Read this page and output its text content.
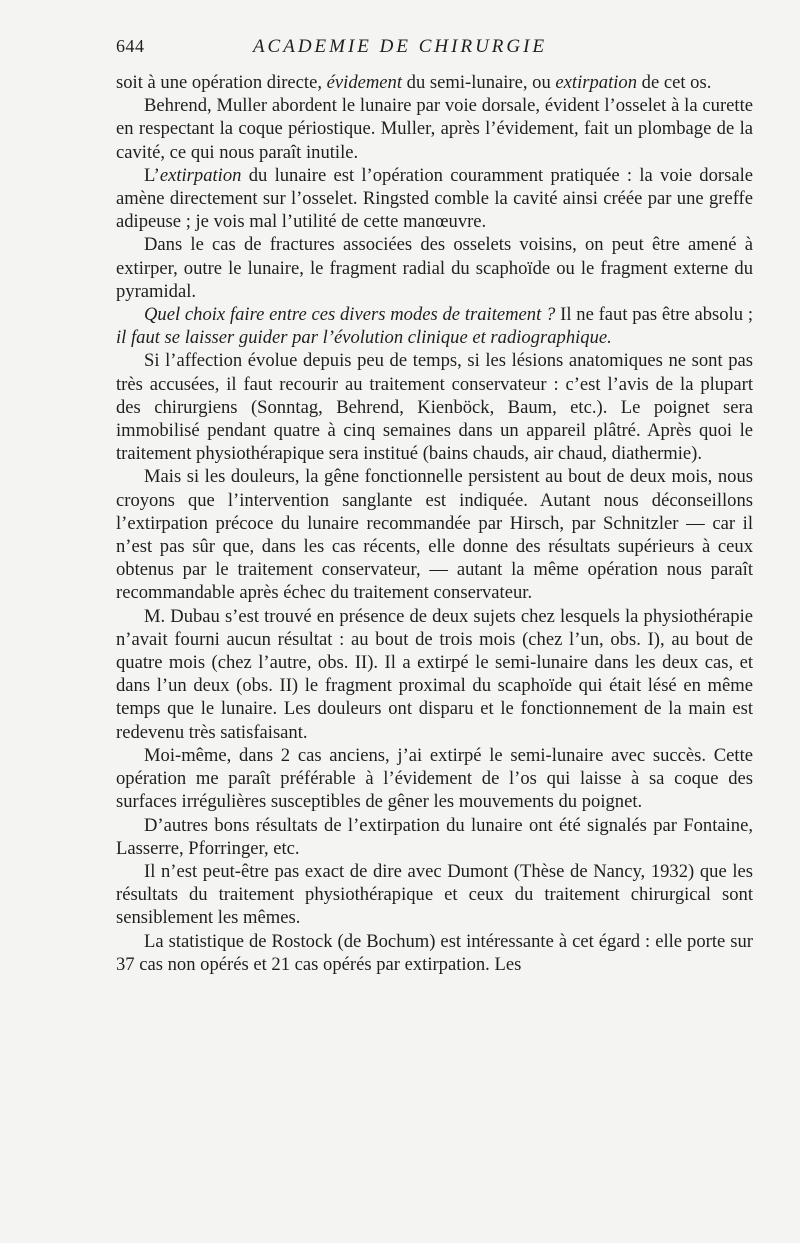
644	ACADEMIE DE CHIRURGIE

soit à une opération directe, évidement du semi-lunaire, ou extirpation de cet os.

Behrend, Muller abordent le lunaire par voie dorsale, évident l’osselet à la curette en respectant la coque périostique. Muller, après l’évidement, fait un plombage de la cavité, ce qui nous paraît inutile.

L’extirpation du lunaire est l’opération couramment pratiquée : la voie dorsale amène directement sur l’osselet. Ringsted comble la cavité ainsi créée par une greffe adipeuse ; je vois mal l’utilité de cette manœuvre.

Dans le cas de fractures associées des osselets voisins, on peut être amené à extirper, outre le lunaire, le fragment radial du scaphoïde ou le fragment externe du pyramidal.

Quel choix faire entre ces divers modes de traitement ? Il ne faut pas être absolu ; il faut se laisser guider par l’évolution clinique et radiographique.

Si l’affection évolue depuis peu de temps, si les lésions anatomiques ne sont pas très accusées, il faut recourir au traitement conservateur : c’est l’avis de la plupart des chirurgiens (Sonntag, Behrend, Kienböck, Baum, etc.). Le poignet sera immobilisé pendant quatre à cinq semaines dans un appareil plâtré. Après quoi le traitement physiothérapique sera institué (bains chauds, air chaud, diathermie).

Mais si les douleurs, la gêne fonctionnelle persistent au bout de deux mois, nous croyons que l’intervention sanglante est indiquée. Autant nous déconseillons l’extirpation précoce du lunaire recommandée par Hirsch, par Schnitzler — car il n’est pas sûr que, dans les cas récents, elle donne des résultats supérieurs à ceux obtenus par le traitement conservateur, — autant la même opération nous paraît recommandable après échec du traitement conservateur.

M. Dubau s’est trouvé en présence de deux sujets chez lesquels la physiothérapie n’avait fourni aucun résultat : au bout de trois mois (chez l’un, obs. I), au bout de quatre mois (chez l’autre, obs. II). Il a extirpé le semi-lunaire dans les deux cas, et dans l’un deux (obs. II) le fragment proximal du scaphoïde qui était lésé en même temps que le lunaire. Les douleurs ont disparu et le fonctionnement de la main est redevenu très satisfaisant.

Moi-même, dans 2 cas anciens, j’ai extirpé le semi-lunaire avec succès. Cette opération me paraît préférable à l’évidement de l’os qui laisse à sa coque des surfaces irrégulières susceptibles de gêner les mouvements du poignet.

D’autres bons résultats de l’extirpation du lunaire ont été signalés par Fontaine, Lasserre, Pforringer, etc.

Il n’est peut-être pas exact de dire avec Dumont (Thèse de Nancy, 1932) que les résultats du traitement physiothérapique et ceux du traitement chirurgical sont sensiblement les mêmes.

La statistique de Rostock (de Bochum) est intéressante à cet égard : elle porte sur 37 cas non opérés et 21 cas opérés par extirpation. Les
